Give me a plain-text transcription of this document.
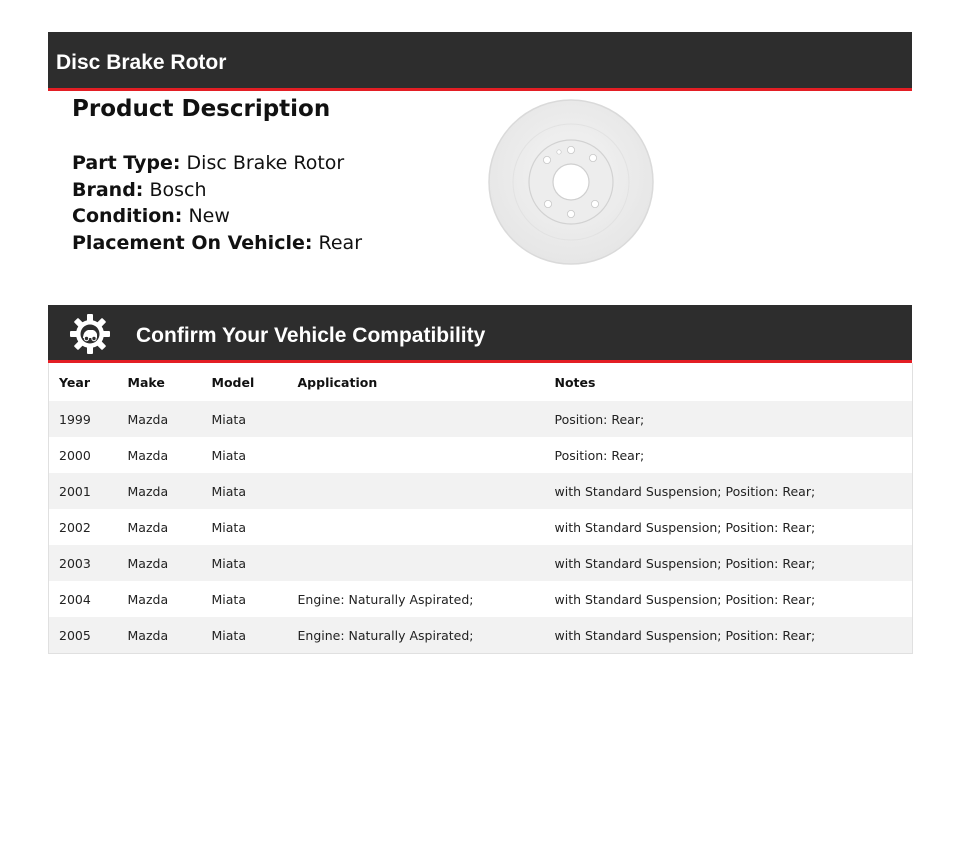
Disc Brake Rotor
Product Description
Part Type: Disc Brake Rotor
Brand: Bosch
Condition: New
Placement On Vehicle: Rear
Confirm Your Vehicle Compatibility
Year	Make	Model	Application	Notes
1999	Mazda	Miata		Position: Rear;
2000	Mazda	Miata		Position: Rear;
2001	Mazda	Miata		with Standard Suspension; Position: Rear;
2002	Mazda	Miata		with Standard Suspension; Position: Rear;
2003	Mazda	Miata		with Standard Suspension; Position: Rear;
2004	Mazda	Miata	Engine: Naturally Aspirated;	with Standard Suspension; Position: Rear;
2005	Mazda	Miata	Engine: Naturally Aspirated;	with Standard Suspension; Position: Rear;
